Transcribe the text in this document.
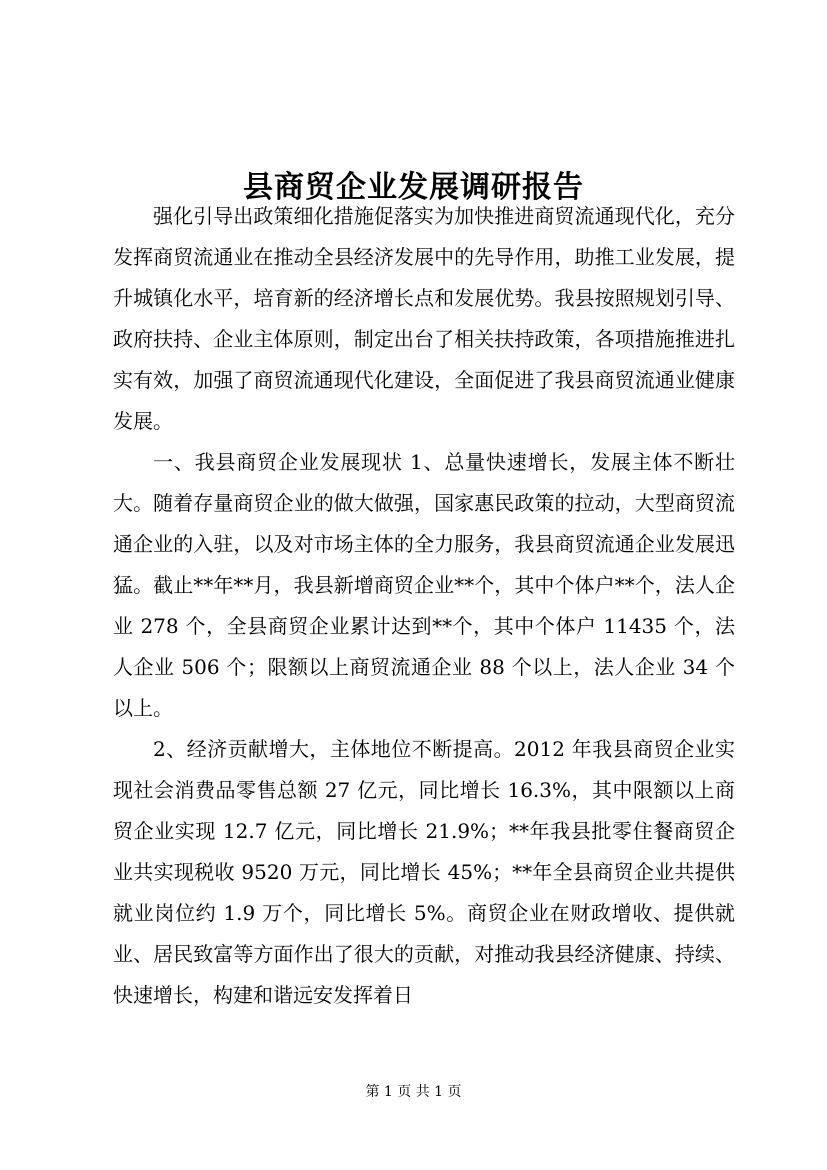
县商贸企业发展调研报告

强化引导出政策细化措施促落实为加快推进商贸流通现代化，充分发挥商贸流通业在推动全县经济发展中的先导作用，助推工业发展，提升城镇化水平，培育新的经济增长点和发展优势。我县按照规划引导、政府扶持、企业主体原则，制定出台了相关扶持政策，各项措施推进扎实有效，加强了商贸流通现代化建设，全面促进了我县商贸流通业健康发展。

一、我县商贸企业发展现状 1、总量快速增长，发展主体不断壮大。随着存量商贸企业的做大做强，国家惠民政策的拉动，大型商贸流通企业的入驻，以及对市场主体的全力服务，我县商贸流通企业发展迅猛。截止**年**月，我县新增商贸企业**个，其中个体户**个，法人企业 278 个，全县商贸企业累计达到**个，其中个体户 11435 个，法人企业 506 个；限额以上商贸流通企业 88 个以上，法人企业 34 个以上。

2、经济贡献增大，主体地位不断提高。2012 年我县商贸企业实现社会消费品零售总额 27 亿元，同比增长 16.3%，其中限额以上商贸企业实现 12.7 亿元，同比增长 21.9%；**年我县批零住餐商贸企业共实现税收 9520 万元，同比增长 45%；**年全县商贸企业共提供就业岗位约 1.9 万个，同比增长 5%。商贸企业在财政增收、提供就业、居民致富等方面作出了很大的贡献，对推动我县经济健康、持续、快速增长，构建和谐远安发挥着日

第 1 页 共 1 页
